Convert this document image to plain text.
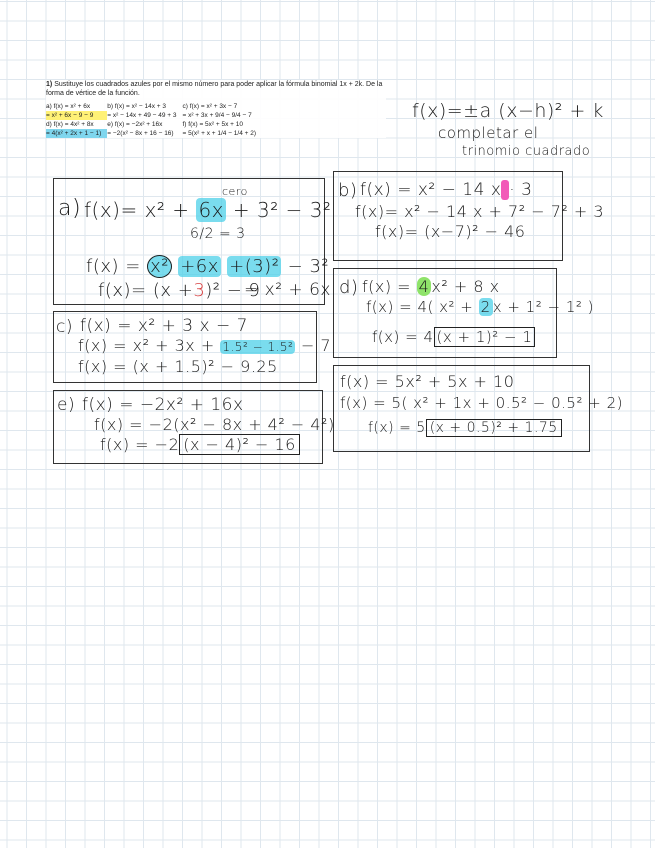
1) Sustituye los cuadrados azules por el mismo número para poder aplicar la fórmula binomial 1x + 2k. De la forma de vértice de la función.
a) f(x) = x² + 6x	b) f(x) = x² − 14x + 3	c) f(x) = x² + 3x − 7
= x² + 6x − 9 − 9	= x² − 14x + 49 − 49 + 3	= x² + 3x + 9/4 − 9/4 − 7
d) f(x) = 4x² + 8x	e) f(x) = −2x² + 16x	f) f(x) = 5x² + 5x + 10
= 4(x² + 2x + 1 − 1)	= −2(x² − 8x + 16 − 16)	= 5(x² + x + 1/4 − 1/4 + 2)
f(x)=±a (x−h)² + k
completar el
trinomio cuadrado
a) f(x)= x² + 6x + 3² − 3²
cero
6/2 = 3
f(x) = x² +6x +(3)² − 3²
f(x)= (x +3)² − 9
= x² + 6x
b) f(x) = x² − 14 x · 3
f(x)= x² − 14 x + 7² − 7² + 3
f(x)= (x−7)² − 46
c) f(x) = x² + 3 x − 7
f(x) = x² + 3x + 1.5² − 1.5² − 7
f(x) = (x + 1.5)² − 9.25
d) f(x) = 4 x² + 8 x
f(x) = 4( x² + 2 x + 1² − 1² )
f(x) = 4 (x + 1)² − 1
e) f(x) = −2x² + 16x
f(x) = −2(x² − 8x + 4² − 4²)
f(x) = −2 (x − 4)² − 16
f(x) = 5x² + 5x + 10
f(x) = 5( x² + 1x + 0.5² − 0.5² + 2)
f(x) = 5 (x + 0.5)² + 1.75
